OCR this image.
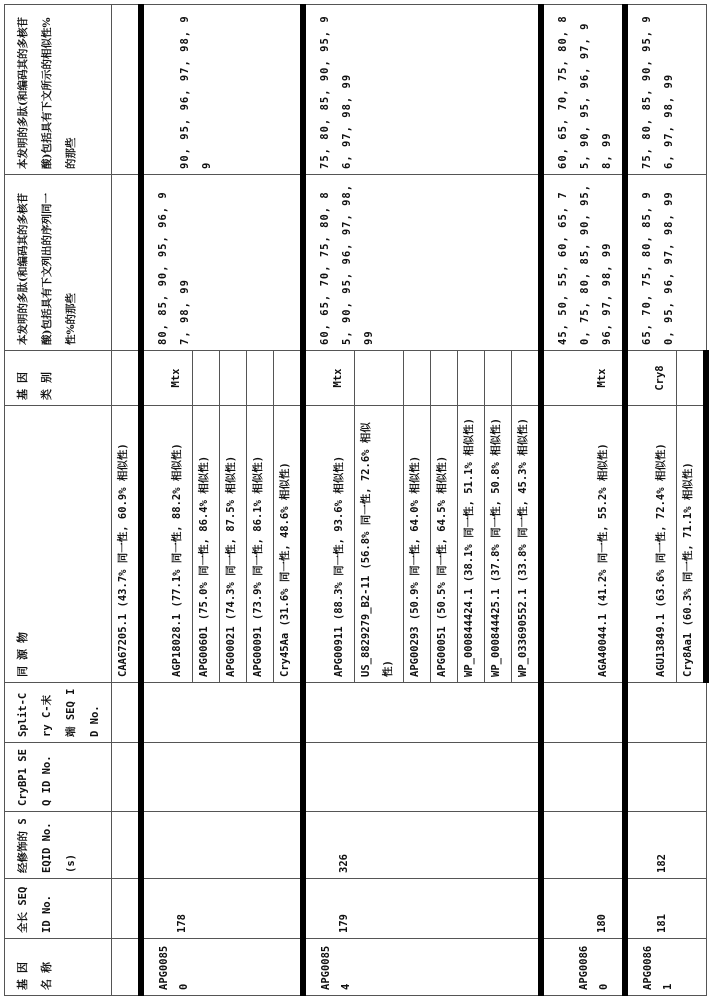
基因名称	全长 SEQ ID No.	经修饰的 SEQID No.(s)	CryBP1 SEQ ID No.	Split-Cry C-末端 SEQ ID No.	同源物	基因类别	本发明的多肽(和编码其的多核苷酸)包括具有下文列出的序列同一性%的那些	本发明的多肽(和编码其的多核苷酸)包括具有下文所示的相似性%的那些
					CAA67205.1 (43.7% 同一性, 60.9% 相似性)			
APG00850	178				AGP18028.1 (77.1% 同一性, 88.2% 相似性)	Mtx	80, 85, 90, 95, 96, 97, 98, 99	90, 95, 96, 97, 98, 99
					APG00601 (75.0% 同一性, 86.4% 相似性)			
					APG00021 (74.3% 同一性, 87.5% 相似性)			
					APG00091 (73.9% 同一性, 86.1% 相似性)			
					Cry45Aa (31.6% 同一性, 48.6% 相似性)			
APG00854	179	326			APG00911 (88.3% 同一性, 93.6% 相似性)	Mtx	60, 65, 70, 75, 80, 85, 90, 95, 96, 97, 98, 99	75, 80, 85, 90, 95, 96, 97, 98, 99
					US_8829279_B2-11 (56.8% 同一性, 72.6% 相似性)			
					APG00293 (50.9% 同一性, 64.0% 相似性)			
					APG00051 (50.5% 同一性, 64.5% 相似性)			
					WP_000844424.1 (38.1% 同一性, 51.1% 相似性)			
					WP_000844425.1 (37.8% 同一性, 50.8% 相似性)			
					WP_033690552.1 (33.8% 同一性, 45.3% 相似性)			
APG00860	180				AGA40044.1 (41.2% 同一性, 55.2% 相似性)	Mtx	45, 50, 55, 60, 65, 70, 75, 80, 85, 90, 95, 96, 97, 98, 99	60, 65, 70, 75, 80, 85, 90, 95, 96, 97, 98, 99
APG00861	181	182			AGU13849.1 (63.6% 同一性, 72.4% 相似性)	Cry8	65, 70, 75, 80, 85, 90, 95, 96, 97, 98, 99	75, 80, 85, 90, 95, 96, 97, 98, 99
					Cry8Aa1 (60.3% 同一性, 71.1% 相似性)			
